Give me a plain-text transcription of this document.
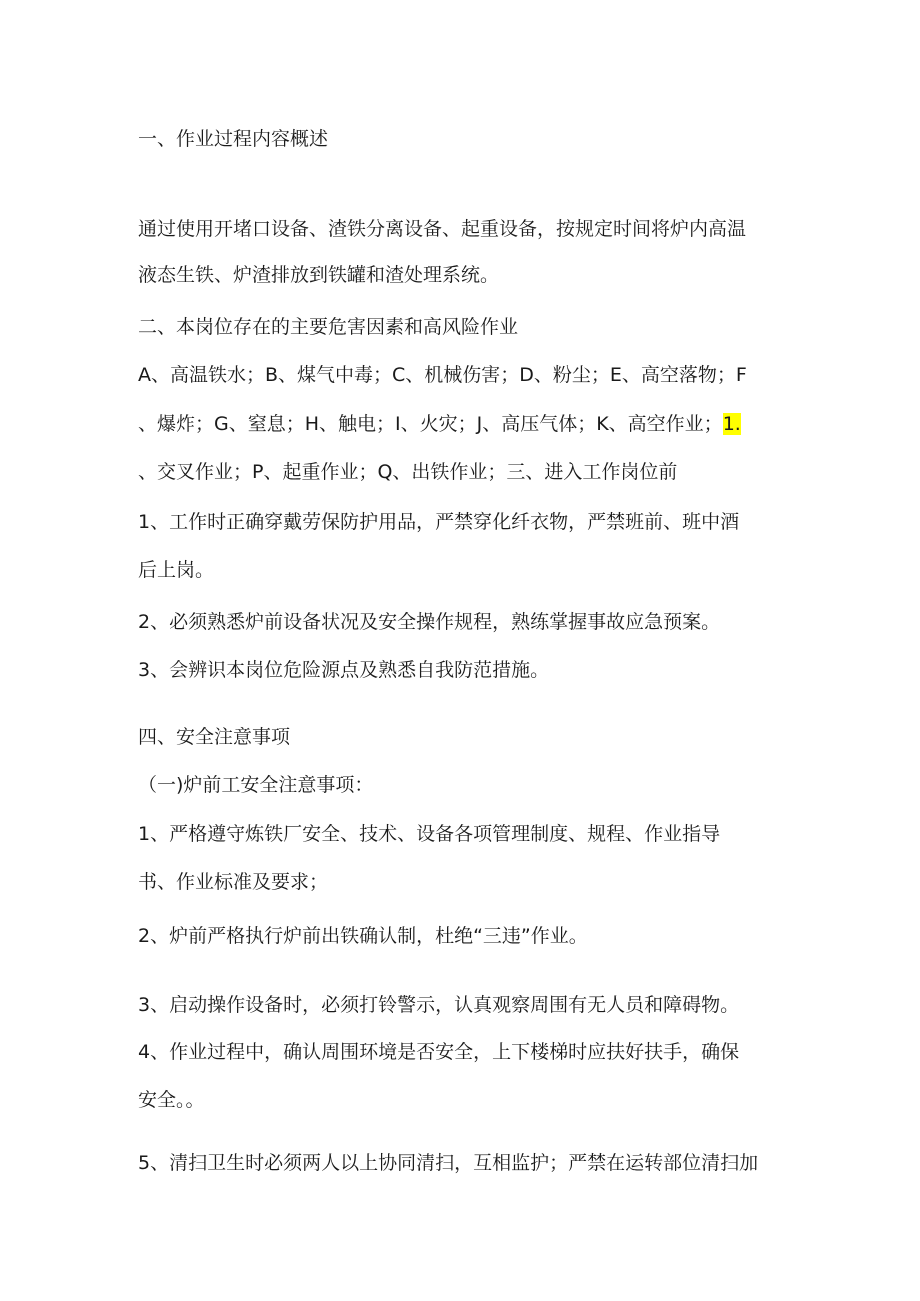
一、作业过程内容概述
通过使用开堵口设备、渣铁分离设备、起重设备，按规定时间将炉内高温
液态生铁、炉渣排放到铁罐和渣处理系统。
二、本岗位存在的主要危害因素和高风险作业
A、高温铁水；B、煤气中毒；C、机械伤害；D、粉尘；E、高空落物；F
、爆炸；G、窒息；H、触电；I、火灾；J、高压气体；K、高空作业；1.
、交叉作业；P、起重作业；Q、出铁作业；三、进入工作岗位前
1、工作时正确穿戴劳保防护用品，严禁穿化纤衣物，严禁班前、班中酒
后上岗。
2、必须熟悉炉前设备状况及安全操作规程，熟练掌握事故应急预案。
3、会辨识本岗位危险源点及熟悉自我防范措施。
四、安全注意事项
（一)炉前工安全注意事项：
1、严格遵守炼铁厂安全、技术、设备各项管理制度、规程、作业指导
书、作业标准及要求；
2、炉前严格执行炉前出铁确认制，杜绝“三违”作业。
3、启动操作设备时，必须打铃警示，认真观察周围有无人员和障碍物。
4、作业过程中，确认周围环境是否安全，上下楼梯时应扶好扶手，确保
安全。。
5、清扫卫生时必须两人以上协同清扫，互相监护；严禁在运转部位清扫加
